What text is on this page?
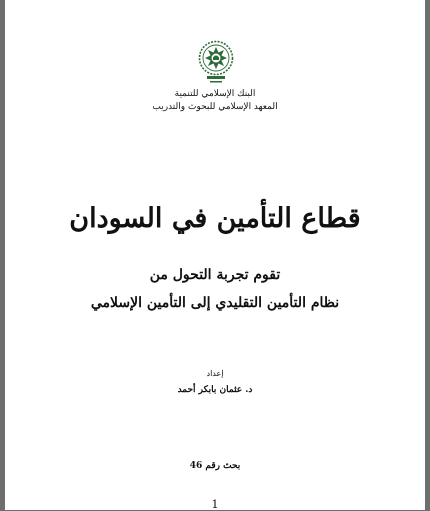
البنك الإسلامي للتنمية
المعهد الإسلامي للبحوث والتدريب
قطاع التأمين في السودان
تقوم تجربة التحول من
نظام التأمين التقليدي إلى التأمين الإسلامي
إعداد
د. عثمان بابكر أحمد
بحث رقم 46
1
